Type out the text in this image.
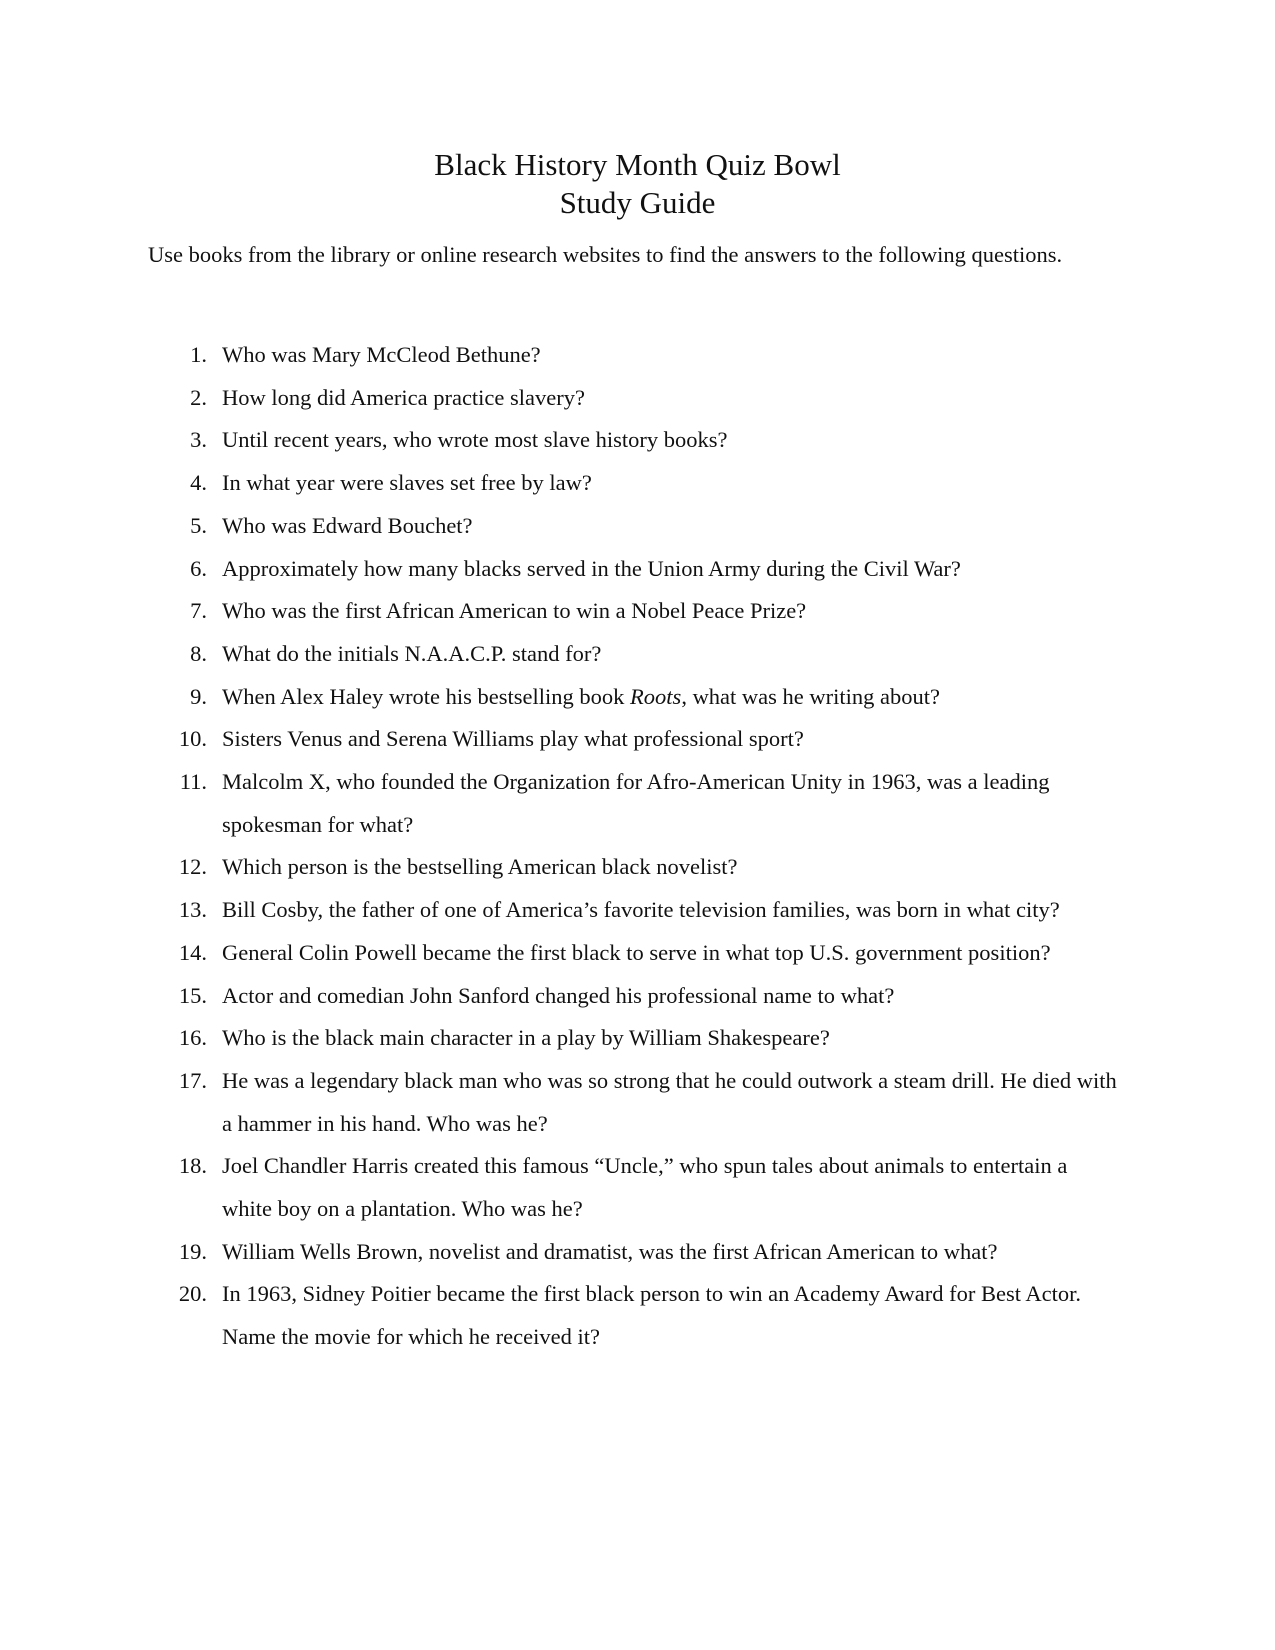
Black History Month Quiz Bowl
Study Guide

Use books from the library or online research websites to find the answers to the following questions.

1. Who was Mary McCleod Bethune?
2. How long did America practice slavery?
3. Until recent years, who wrote most slave history books?
4. In what year were slaves set free by law?
5. Who was Edward Bouchet?
6. Approximately how many blacks served in the Union Army during the Civil War?
7. Who was the first African American to win a Nobel Peace Prize?
8. What do the initials N.A.A.C.P. stand for?
9. When Alex Haley wrote his bestselling book Roots, what was he writing about?
10. Sisters Venus and Serena Williams play what professional sport?
11. Malcolm X, who founded the Organization for Afro-American Unity in 1963, was a leading spokesman for what?
12. Which person is the bestselling American black novelist?
13. Bill Cosby, the father of one of America’s favorite television families, was born in what city?
14. General Colin Powell became the first black to serve in what top U.S. government position?
15. Actor and comedian John Sanford changed his professional name to what?
16. Who is the black main character in a play by William Shakespeare?
17. He was a legendary black man who was so strong that he could outwork a steam drill. He died with a hammer in his hand. Who was he?
18. Joel Chandler Harris created this famous “Uncle,” who spun tales about animals to entertain a white boy on a plantation. Who was he?
19. William Wells Brown, novelist and dramatist, was the first African American to what?
20. In 1963, Sidney Poitier became the first black person to win an Academy Award for Best Actor. Name the movie for which he received it?
